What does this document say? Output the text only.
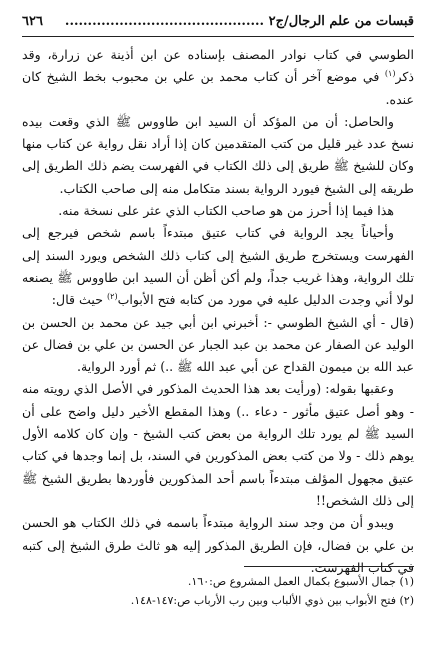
قبسات من علم الرجال/ج٢ ............................................
٦٢٦

الطوسي في كتاب نوادر المصنف بإسناده عن ابن أذينة عن زرارة، وقد ذكر$^{(١)}$ في موضع آخر أن كتاب محمد بن علي بن محبوب بخط الشيخ كان عنده.

والحاصل: أن من المؤكد أن السيد ابن طاووس ﷺ الذي وقعت بيده نسخ عدد غير قليل من كتب المتقدمين كان إذا أراد نقل رواية عن كتاب منها وكان للشيخ ﷺ طريق إلى ذلك الكتاب في الفهرست يضم ذلك الطريق إلى طريقه إلى الشيخ فيورد الرواية بسند متكامل منه إلى صاحب الكتاب.

هذا فيما إذا أحرز من هو صاحب الكتاب الذي عثر على نسخة منه.

وأحياناً يجد الرواية في كتاب عتيق مبتدءاً باسم شخص فيرجع إلى الفهرست ويستخرج طريق الشيخ إلى كتاب ذلك الشخص ويورد السند إلى تلك الرواية، وهذا غريب جداً، ولم أكن أظن أن السيد ابن طاووس ﷺ يصنعه لولا أني وجدت الدليل عليه في مورد من كتابه فتح الأبواب$^{(٢)}$ حيث قال:

(قال - أي الشيخ الطوسي -: أخبرني ابن أبي جيد عن محمد بن الحسن بن الوليد عن الصفار عن محمد بن عبد الجبار عن الحسن بن علي بن فضال عن عبد الله بن ميمون القداح عن أبي عبد الله ﷺ ..) ثم أورد الرواية.

وعقبها بقوله: (ورأيت بعد هذا الحديث المذكور في الأصل الذي رويته منه - وهو أصل عتيق مأثور - دعاء ..) وهذا المقطع الأخير دليل واضح على أن السيد ﷺ لم يورد تلك الرواية من بعض كتب الشيخ - وإن كان كلامه الأول يوهم ذلك - ولا من كتب بعض المذكورين في السند، بل إنما وجدها في كتاب عتيق مجهول المؤلف مبتدءاً باسم أحد المذكورين فأوردها بطريق الشيخ ﷺ إلى ذلك الشخص!!

ويبدو أن من وجد سند الرواية مبتدءاً باسمه في ذلك الكتاب هو الحسن بن علي بن فضال، فإن الطريق المذكور إليه هو ثالث طرق الشيخ إلى كتبه في كتاب الفهرست.

(١) جمال الأسبوع بكمال العمل المشروع ص:١٦٠.

(٢) فتح الأبواب بين ذوي الألباب وبين رب الأرباب ص:١٤٧-١٤٨.
